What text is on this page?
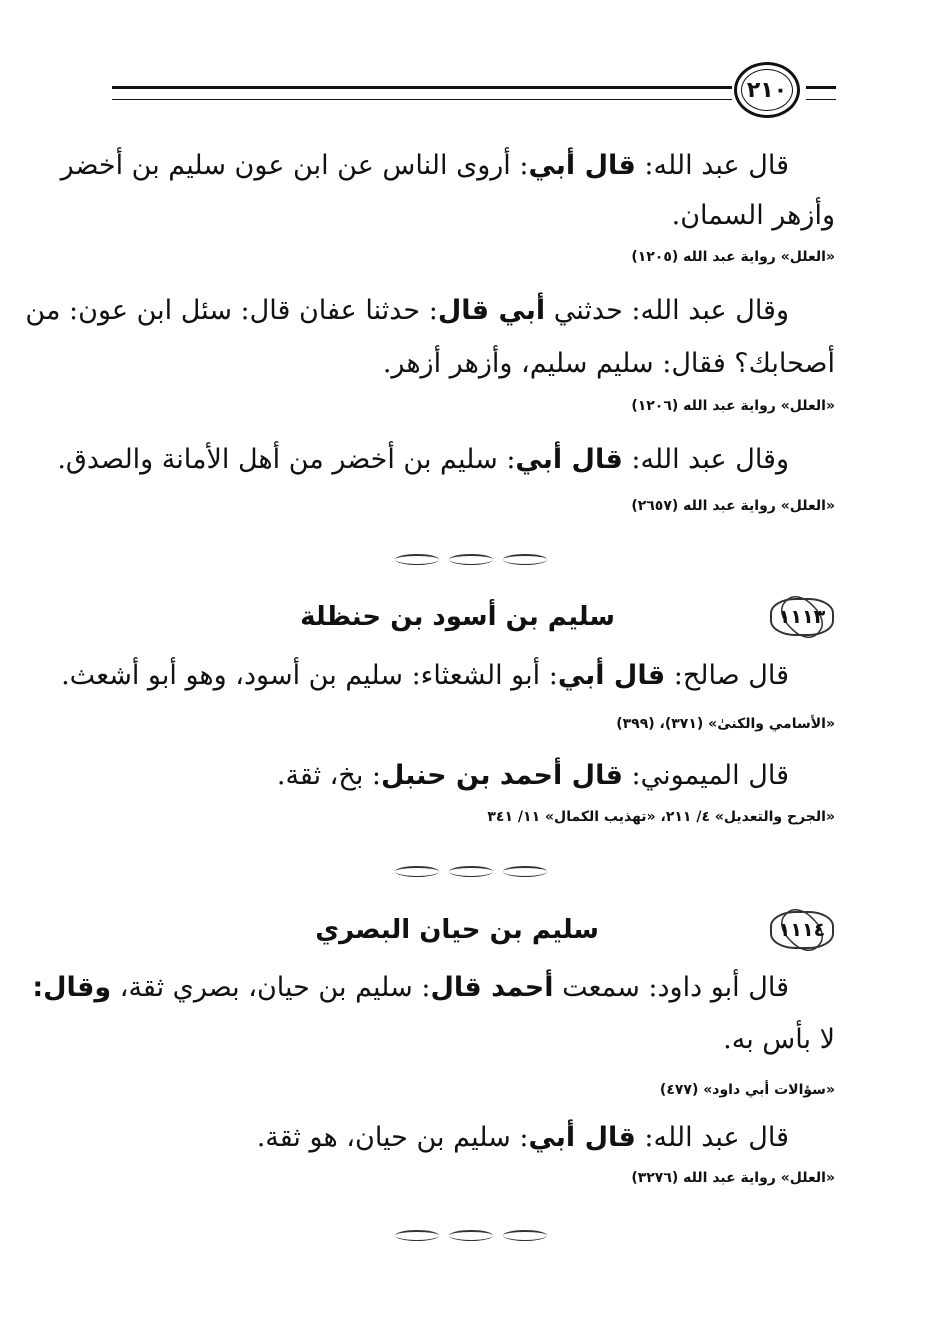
٢١٠
قال عبد الله: قال أبي: أروى الناس عن ابن عون سليم بن أخضر
وأزهر السمان.
«العلل» رواية عبد الله (١٢٠٥)
وقال عبد الله: حدثني أبي قال: حدثنا عفان قال: سئل ابن عون: من
أصحابك؟ فقال: سليم سليم، وأزهر أزهر.
«العلل» رواية عبد الله (١٢٠٦)
وقال عبد الله: قال أبي: سليم بن أخضر من أهل الأمانة والصدق.
«العلل» رواية عبد الله (٢٦٥٧)
١١١٣
سليم بن أسود بن حنظلة
قال صالح: قال أبي: أبو الشعثاء: سليم بن أسود، وهو أبو أشعث.
«الأسامي والكنىٰ» (٣٧١)، (٣٩٩)
قال الميموني: قال أحمد بن حنبل: بخ، ثقة.
«الجرح والتعديل» ٤/ ٢١١، «تهذيب الكمال» ١١/ ٣٤١
١١١٤
سليم بن حيان البصري
قال أبو داود: سمعت أحمد قال: سليم بن حيان، بصري ثقة، وقال:
لا بأس به.
«سؤالات أبي داود» (٤٧٧)
قال عبد الله: قال أبي: سليم بن حيان، هو ثقة.
«العلل» رواية عبد الله (٣٢٧٦)
